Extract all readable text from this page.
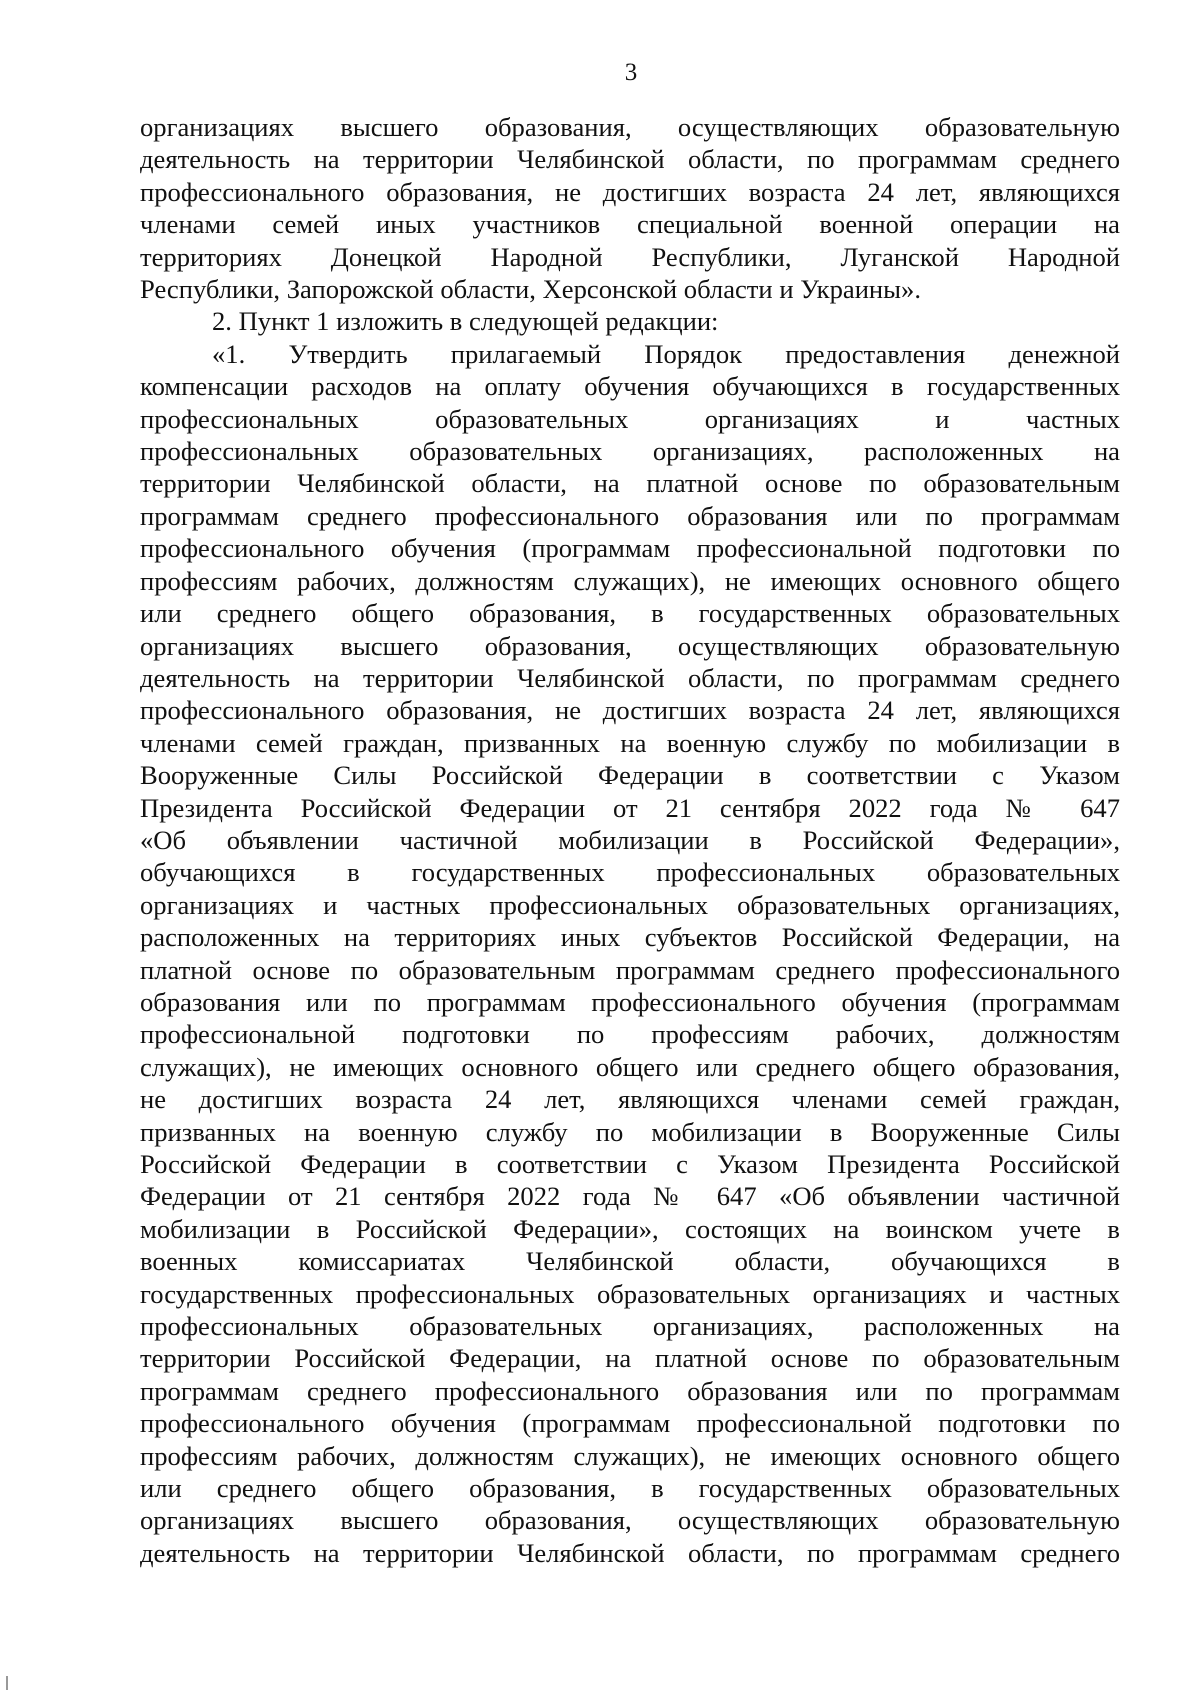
3

организациях высшего образования, осуществляющих образовательную
деятельность на территории Челябинской области, по программам среднего
профессионального образования, не достигших возраста 24 лет, являющихся
членами семей иных участников специальной военной операции на
территориях Донецкой Народной Республики, Луганской Народной
Республики, Запорожской области, Херсонской области и Украины».

2. Пункт 1 изложить в следующей редакции:

«1. Утвердить прилагаемый Порядок предоставления денежной
компенсации расходов на оплату обучения обучающихся в государственных
профессиональных образовательных организациях и частных
профессиональных образовательных организациях, расположенных на
территории Челябинской области, на платной основе по образовательным
программам среднего профессионального образования или по программам
профессионального обучения (программам профессиональной подготовки по
профессиям рабочих, должностям служащих), не имеющих основного общего
или среднего общего образования, в государственных образовательных
организациях высшего образования, осуществляющих образовательную
деятельность на территории Челябинской области, по программам среднего
профессионального образования, не достигших возраста 24 лет, являющихся
членами семей граждан, призванных на военную службу по мобилизации в
Вооруженные Силы Российской Федерации в соответствии с Указом
Президента Российской Федерации от 21 сентября 2022 года № 647
«Об объявлении частичной мобилизации в Российской Федерации»,
обучающихся в государственных профессиональных образовательных
организациях и частных профессиональных образовательных организациях,
расположенных на территориях иных субъектов Российской Федерации, на
платной основе по образовательным программам среднего профессионального
образования или по программам профессионального обучения (программам
профессиональной подготовки по профессиям рабочих, должностям
служащих), не имеющих основного общего или среднего общего образования,
не достигших возраста 24 лет, являющихся членами семей граждан,
призванных на военную службу по мобилизации в Вооруженные Силы
Российской Федерации в соответствии с Указом Президента Российской
Федерации от 21 сентября 2022 года № 647 «Об объявлении частичной
мобилизации в Российской Федерации», состоящих на воинском учете в
военных комиссариатах Челябинской области, обучающихся в
государственных профессиональных образовательных организациях и частных
профессиональных образовательных организациях, расположенных на
территории Российской Федерации, на платной основе по образовательным
программам среднего профессионального образования или по программам
профессионального обучения (программам профессиональной подготовки по
профессиям рабочих, должностям служащих), не имеющих основного общего
или среднего общего образования, в государственных образовательных
организациях высшего образования, осуществляющих образовательную
деятельность на территории Челябинской области, по программам среднего
